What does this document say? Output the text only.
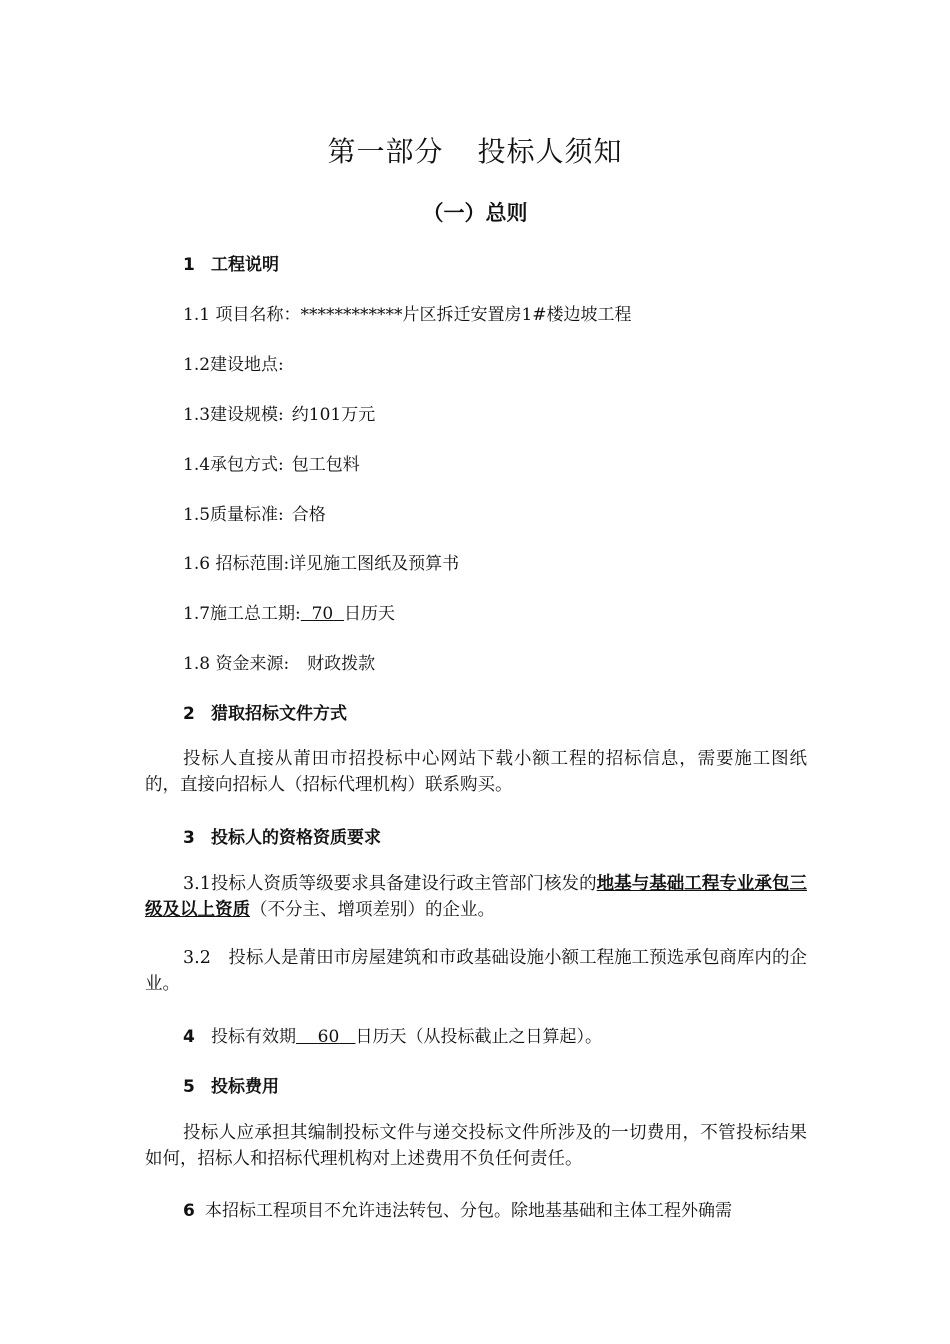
第一部分 投标人须知
（一）总则
1 工程说明
1.1 项目名称：************片区拆迁安置房1#楼边坡工程
1.2建设地点:
1.3建设规模: 约101万元
1.4承包方式: 包工包料
1.5质量标准: 合格
1.6 招标范围:详见施工图纸及预算书
1.7施工总工期: 70 日历天
1.8 资金来源: 财政拨款
2 猎取招标文件方式
投标人直接从莆田市招投标中心网站下载小额工程的招标信息，需要施工图纸的，直接向招标人（招标代理机构）联系购买。
3 投标人的资格资质要求
3.1投标人资质等级要求具备建设行政主管部门核发的地基与基础工程专业承包三级及以上资质（不分主、增项差别）的企业。
3.2　投标人是莆田市房屋建筑和市政基础设施小额工程施工预选承包商库内的企业。
4 投标有效期 60 日历天（从投标截止之日算起）。
5 投标费用
投标人应承担其编制投标文件与递交投标文件所涉及的一切费用，不管投标结果如何，招标人和招标代理机构对上述费用不负任何责任。
6 本招标工程项目不允许违法转包、分包。除地基基础和主体工程外确需
